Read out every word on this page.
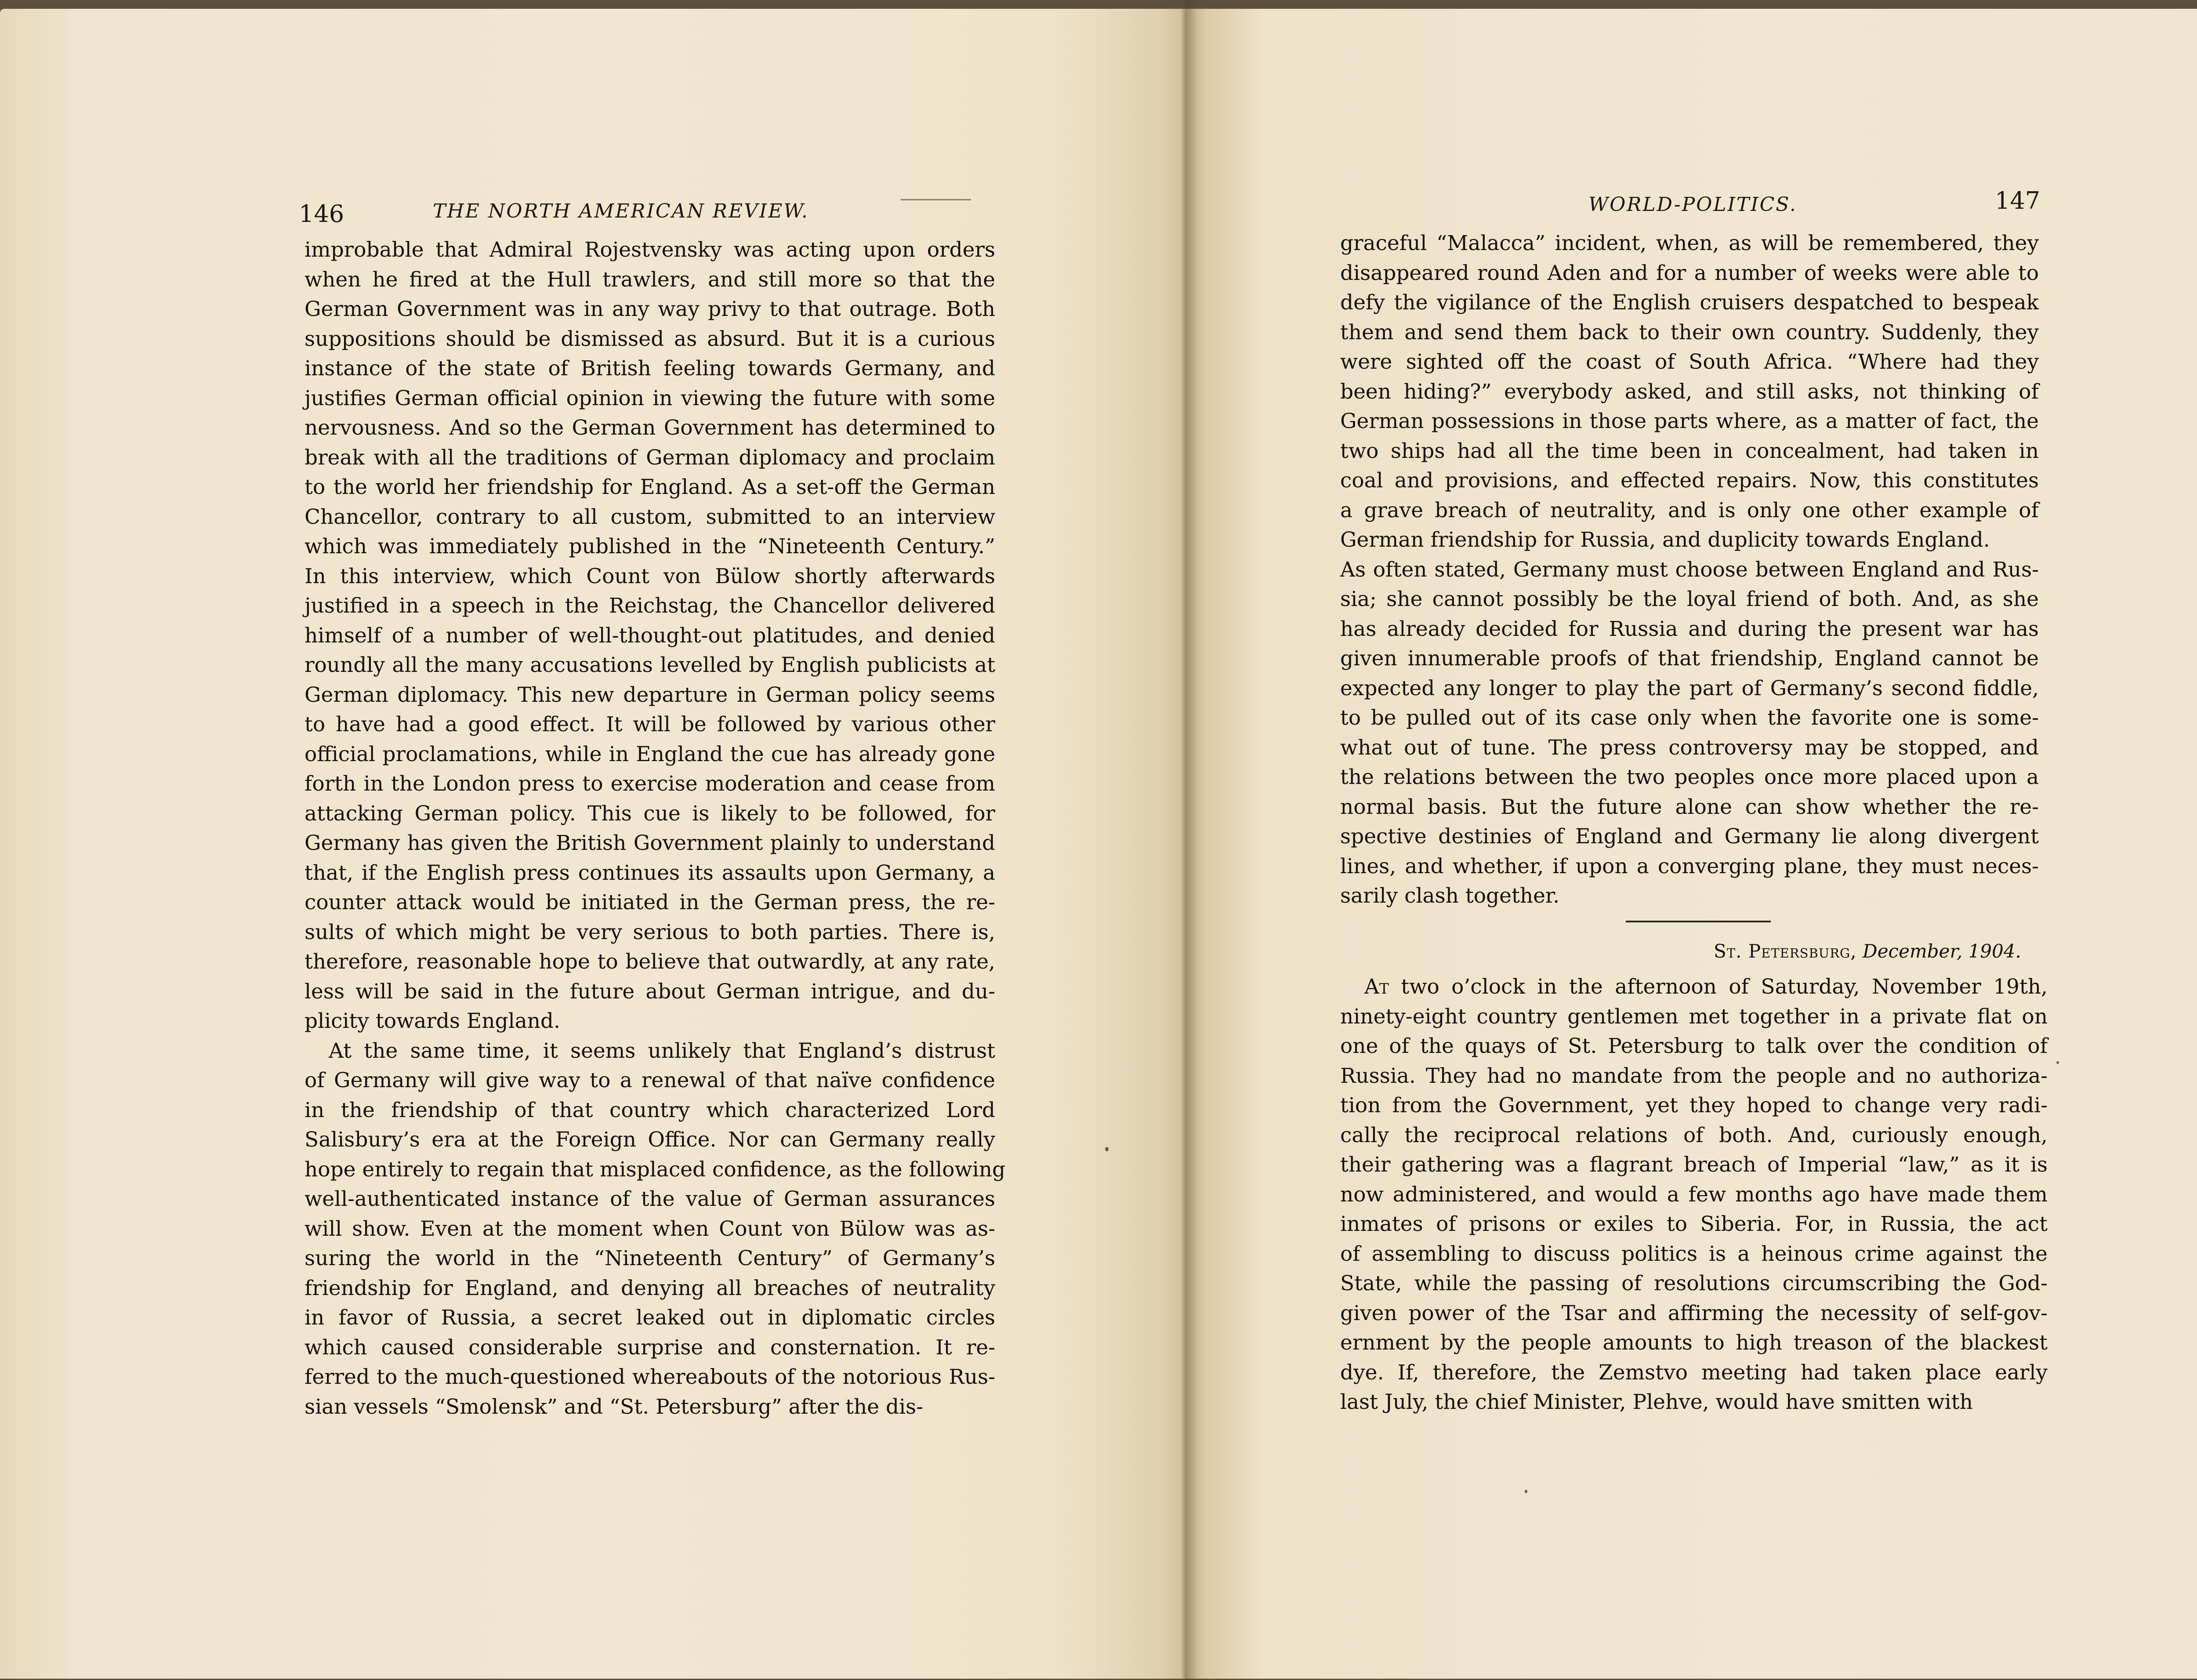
146	THE NORTH AMERICAN REVIEW.
improbable that Admiral Rojestvensky was acting upon orders
when he fired at the Hull trawlers, and still more so that the
German Government was in any way privy to that outrage. Both
suppositions should be dismissed as absurd. But it is a curious
instance of the state of British feeling towards Germany, and
justifies German official opinion in viewing the future with some
nervousness. And so the German Government has determined to
break with all the traditions of German diplomacy and proclaim
to the world her friendship for England. As a set-off the German
Chancellor, contrary to all custom, submitted to an interview
which was immediately published in the “Nineteenth Century.”
In this interview, which Count von Bülow shortly afterwards
justified in a speech in the Reichstag, the Chancellor delivered
himself of a number of well-thought-out platitudes, and denied
roundly all the many accusations levelled by English publicists at
German diplomacy. This new departure in German policy seems
to have had a good effect. It will be followed by various other
official proclamations, while in England the cue has already gone
forth in the London press to exercise moderation and cease from
attacking German policy. This cue is likely to be followed, for
Germany has given the British Government plainly to understand
that, if the English press continues its assaults upon Germany, a
counter attack would be initiated in the German press, the re-
sults of which might be very serious to both parties. There is,
therefore, reasonable hope to believe that outwardly, at any rate,
less will be said in the future about German intrigue, and du-
plicity towards England.
At the same time, it seems unlikely that England’s distrust
of Germany will give way to a renewal of that naïve confidence
in the friendship of that country which characterized Lord
Salisbury’s era at the Foreign Office. Nor can Germany really
hope entirely to regain that misplaced confidence, as the following
well-authenticated instance of the value of German assurances
will show. Even at the moment when Count von Bülow was as-
suring the world in the “Nineteenth Century” of Germany’s
friendship for England, and denying all breaches of neutrality
in favor of Russia, a secret leaked out in diplomatic circles
which caused considerable surprise and consternation. It re-
ferred to the much-questioned whereabouts of the notorious Rus-
sian vessels “Smolensk” and “St. Petersburg” after the dis-
WORLD-POLITICS.	147
graceful “Malacca” incident, when, as will be remembered, they
disappeared round Aden and for a number of weeks were able to
defy the vigilance of the English cruisers despatched to bespeak
them and send them back to their own country. Suddenly, they
were sighted off the coast of South Africa. “Where had they
been hiding?” everybody asked, and still asks, not thinking of
German possessions in those parts where, as a matter of fact, the
two ships had all the time been in concealment, had taken in
coal and provisions, and effected repairs. Now, this constitutes
a grave breach of neutrality, and is only one other example of
German friendship for Russia, and duplicity towards England.
As often stated, Germany must choose between England and Rus-
sia; she cannot possibly be the loyal friend of both. And, as she
has already decided for Russia and during the present war has
given innumerable proofs of that friendship, England cannot be
expected any longer to play the part of Germany’s second fiddle,
to be pulled out of its case only when the favorite one is some-
what out of tune. The press controversy may be stopped, and
the relations between the two peoples once more placed upon a
normal basis. But the future alone can show whether the re-
spective destinies of England and Germany lie along divergent
lines, and whether, if upon a converging plane, they must neces-
sarily clash together.
St. Petersburg, December, 1904.
At two o’clock in the afternoon of Saturday, November 19th,
ninety-eight country gentlemen met together in a private flat on
one of the quays of St. Petersburg to talk over the condition of
Russia. They had no mandate from the people and no authoriza-
tion from the Government, yet they hoped to change very radi-
cally the reciprocal relations of both. And, curiously enough,
their gathering was a flagrant breach of Imperial “law,” as it is
now administered, and would a few months ago have made them
inmates of prisons or exiles to Siberia. For, in Russia, the act
of assembling to discuss politics is a heinous crime against the
State, while the passing of resolutions circumscribing the God-
given power of the Tsar and affirming the necessity of self-gov-
ernment by the people amounts to high treason of the blackest
dye. If, therefore, the Zemstvo meeting had taken place early
last July, the chief Minister, Plehve, would have smitten with
